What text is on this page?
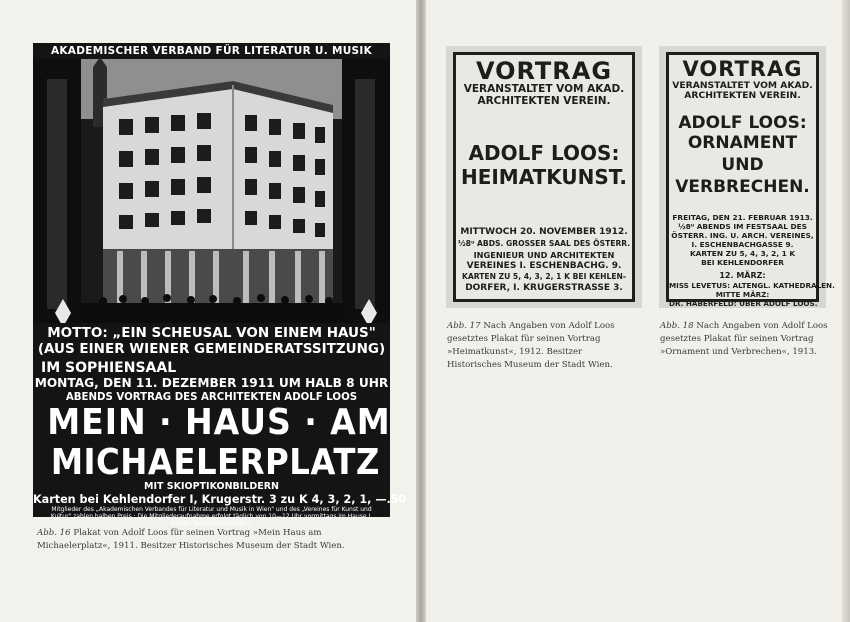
AKADEMISCHER VERBAND FÜR LITERATUR U. MUSIK
MOTTO: „EIN SCHEUSAL VON EINEM HAUS"
(AUS EINER WIENER GEMEINDERATSSITZUNG)
IM SOPHIENSAAL
MONTAG, DEN 11. DEZEMBER 1911 UM HALB 8 UHR
ABENDS VORTRAG DES ARCHITEKTEN ADOLF LOOS
MEIN · HAUS · AM
MICHAELERPLATZ
MIT SKIOPTIKONBILDERN
Karten bei Kehlendorfer I, Krugerstr. 3 zu K 4, 3, 2, 1, —.50
Mitglieder des „Akademischen Verbandes für Literatur und Musik in Wien" und des „Vereines für Kunst und Kultur" zahlen halben Preis · Die Mitgliederaufnahme erfolgt täglich von 10—12 Uhr vormittags im Hause I. Bezirk, Reichsratsstrasse 7
VORTRAG
VERANSTALTET VOM AKAD.
ARCHITEKTEN VEREIN.
ADOLF LOOS:
HEIMATKUNST.
MITTWOCH 20. NOVEMBER 1912.
½8ᵘ ABDS. GROSSER SAAL DES ÖSTERR.
INGENIEUR UND ARCHITEKTEN
VEREINES I. ESCHENBACHG. 9.
KARTEN ZU 5, 4, 3, 2, 1 K BEI KEHLEN-
DORFER, I. KRUGERSTRASSE 3.
VORTRAG
VERANSTALTET VOM AKAD.
ARCHITEKTEN VEREIN.
ADOLF LOOS:
ORNAMENT
UND
VERBRECHEN.
FREITAG, DEN 21. FEBRUAR 1913.
½8ᵘ ABENDS IM FESTSAAL DES
ÖSTERR. ING. U. ARCH. VEREINES,
I. ESCHENBACHGASSE 9.
KARTEN ZU 5, 4, 3, 2, 1 K
BEI KEHLENDORFER
12. MÄRZ:
MISS LEVETUS: ALTENGL. KATHEDRALEN.
MITTE MÄRZ:
DR. HABERFELD: ÜBER ADOLF LOOS.
Abb. 16 Plakat von Adolf Loos für seinen Vortrag »Mein Haus am Michaelerplatz«, 1911. Besitzer Historisches Museum der Stadt Wien.
Abb. 17 Nach Angaben von Adolf Loos gesetztes Plakat für seinen Vortrag »Heimatkunst«, 1912. Besitzer Historisches Museum der Stadt Wien.
Abb. 18 Nach Angaben von Adolf Loos gesetztes Plakat für seinen Vortrag »Ornament und Verbrechen«, 1913.
